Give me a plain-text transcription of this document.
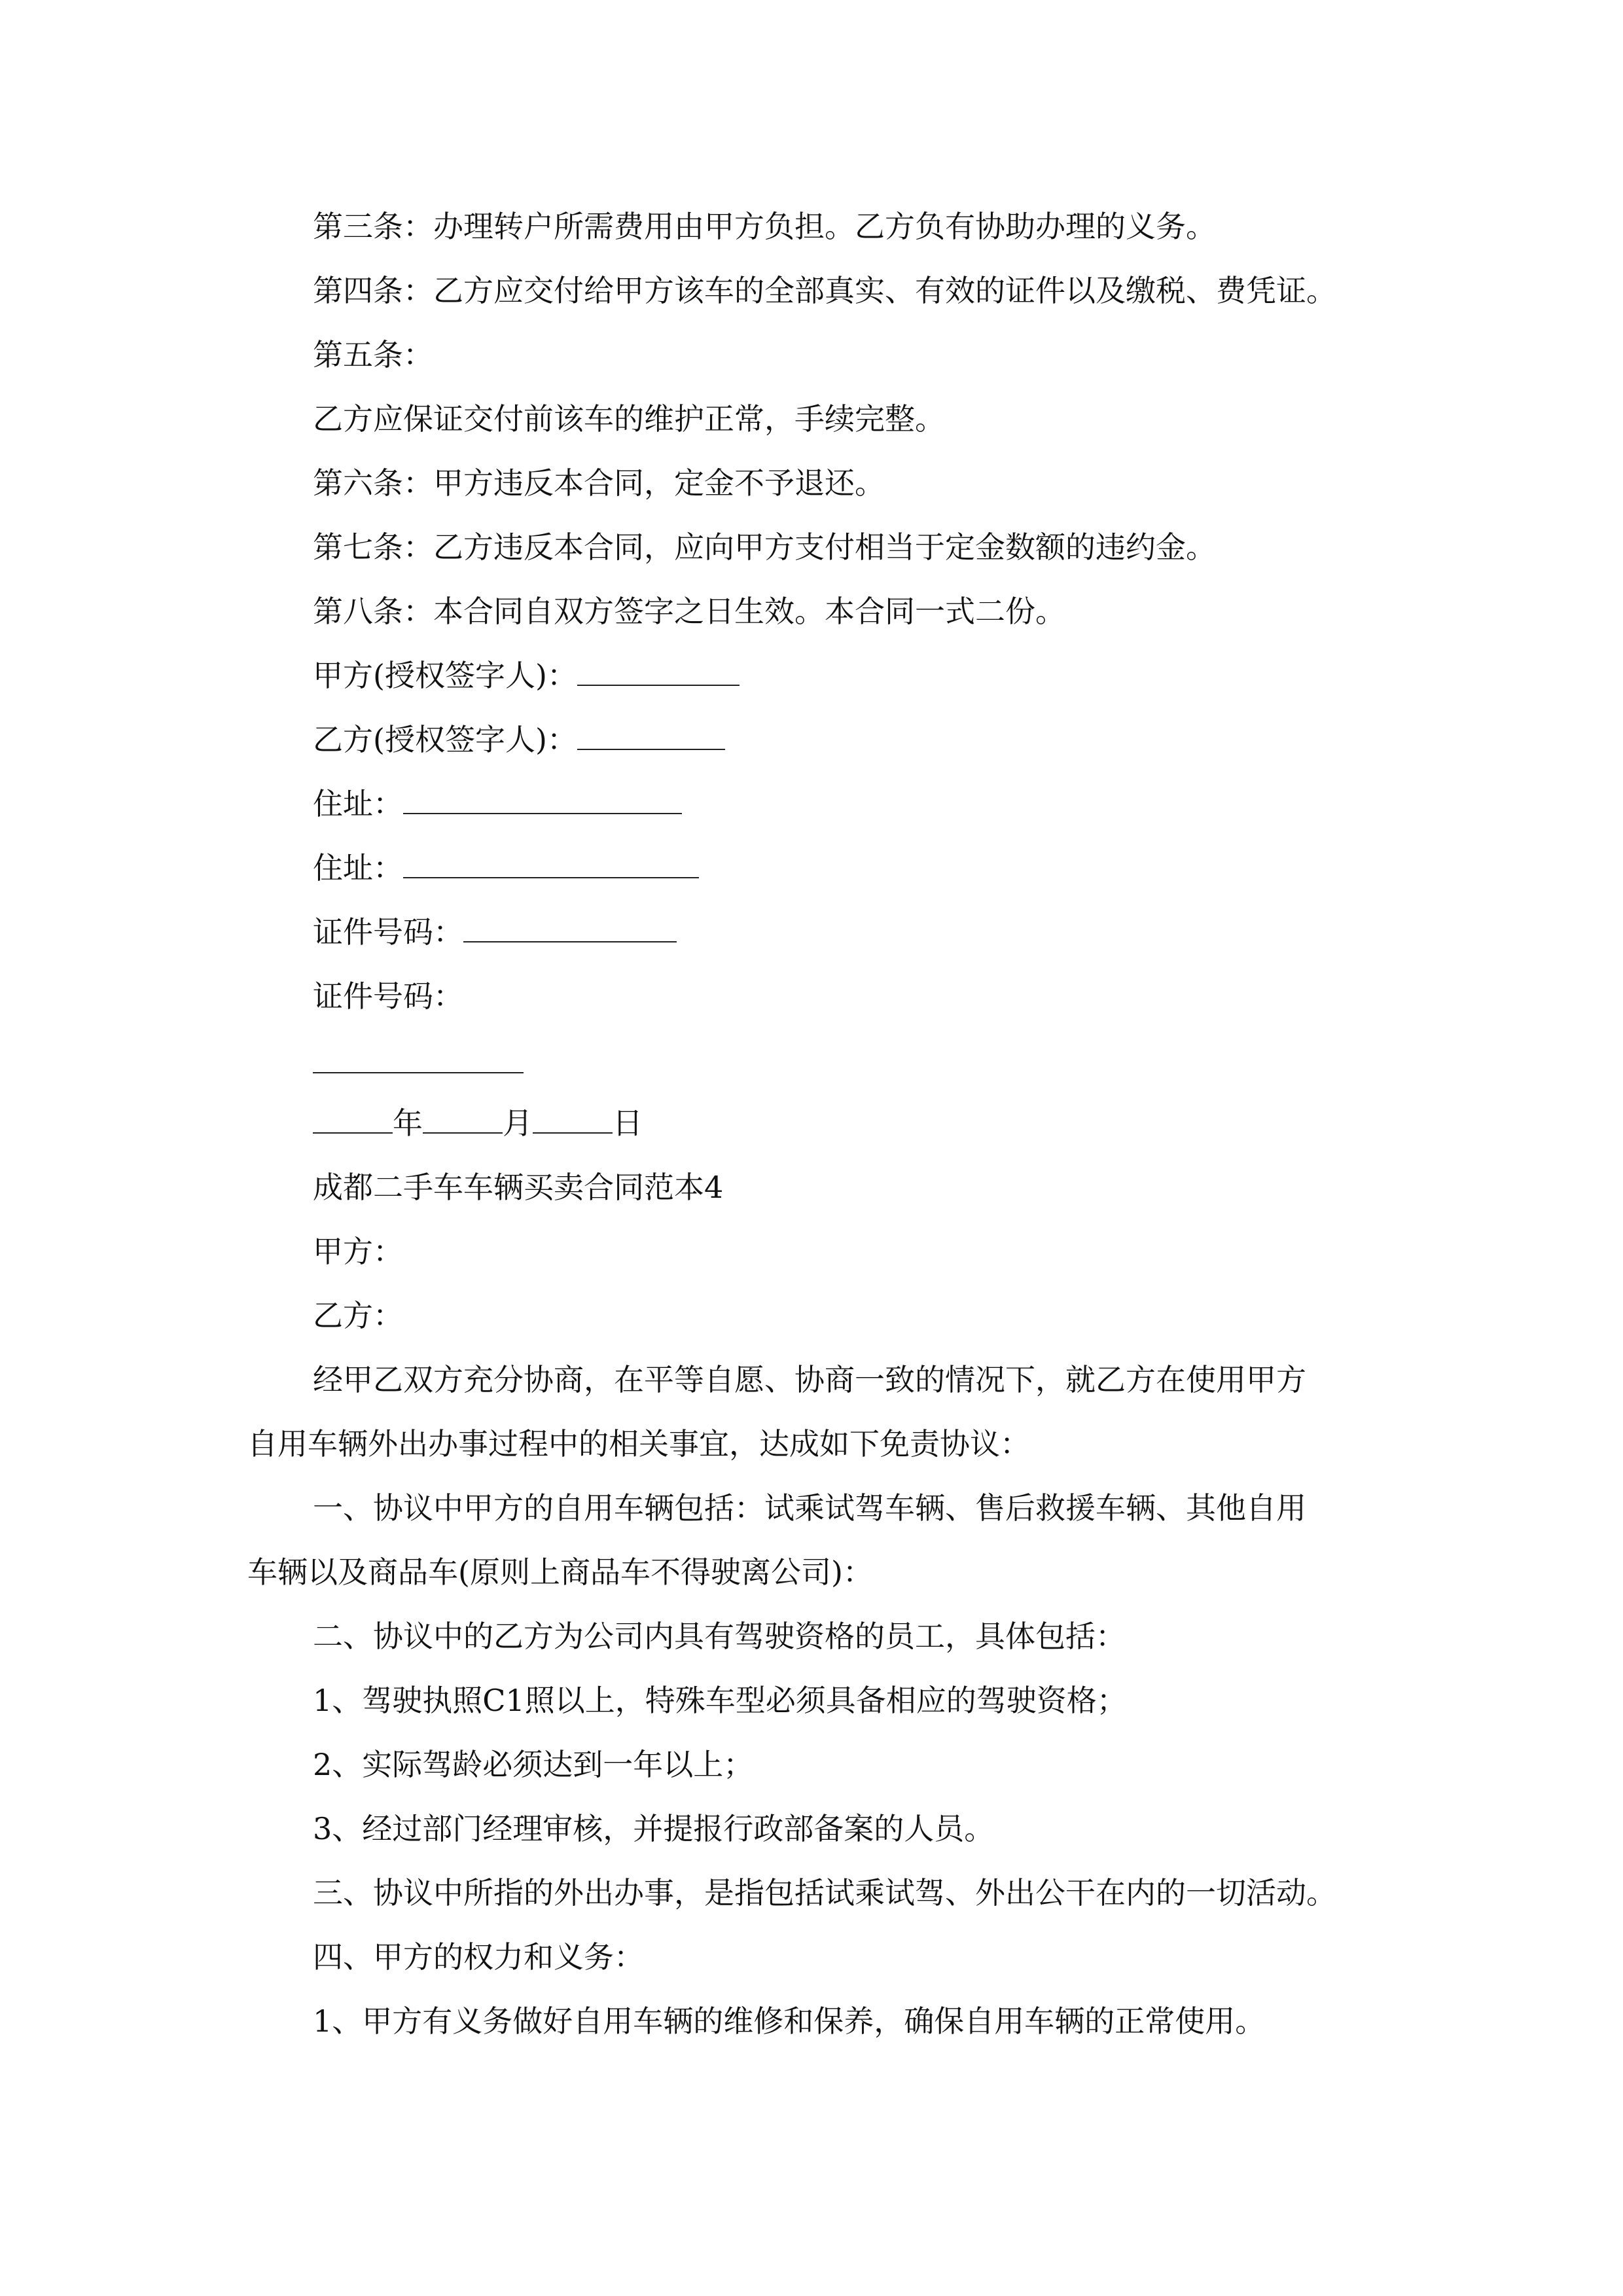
第三条：办理转户所需费用由甲方负担。乙方负有协助办理的义务。
第四条：乙方应交付给甲方该车的全部真实、有效的证件以及缴税、费凭证。
第五条：
乙方应保证交付前该车的维护正常，手续完整。
第六条：甲方违反本合同，定金不予退还。
第七条：乙方违反本合同，应向甲方支付相当于定金数额的违约金。
第八条：本合同自双方签字之日生效。本合同一式二份。
甲方(授权签字人)：
乙方(授权签字人)：
住址：
住址：
证件号码：
证件号码：
年	月	日
成都二手车车辆买卖合同范本4
甲方：
乙方：
经甲乙双方充分协商，在平等自愿、协商一致的情况下，就乙方在使用甲方
自用车辆外出办事过程中的相关事宜，达成如下免责协议：
一、协议中甲方的自用车辆包括：试乘试驾车辆、售后救援车辆、其他自用
车辆以及商品车(原则上商品车不得驶离公司)：
二、协议中的乙方为公司内具有驾驶资格的员工，具体包括：
1、驾驶执照C1照以上，特殊车型必须具备相应的驾驶资格；
2、实际驾龄必须达到一年以上；
3、经过部门经理审核，并提报行政部备案的人员。
三、协议中所指的外出办事，是指包括试乘试驾、外出公干在内的一切活动。
四、甲方的权力和义务：
1、甲方有义务做好自用车辆的维修和保养，确保自用车辆的正常使用。
